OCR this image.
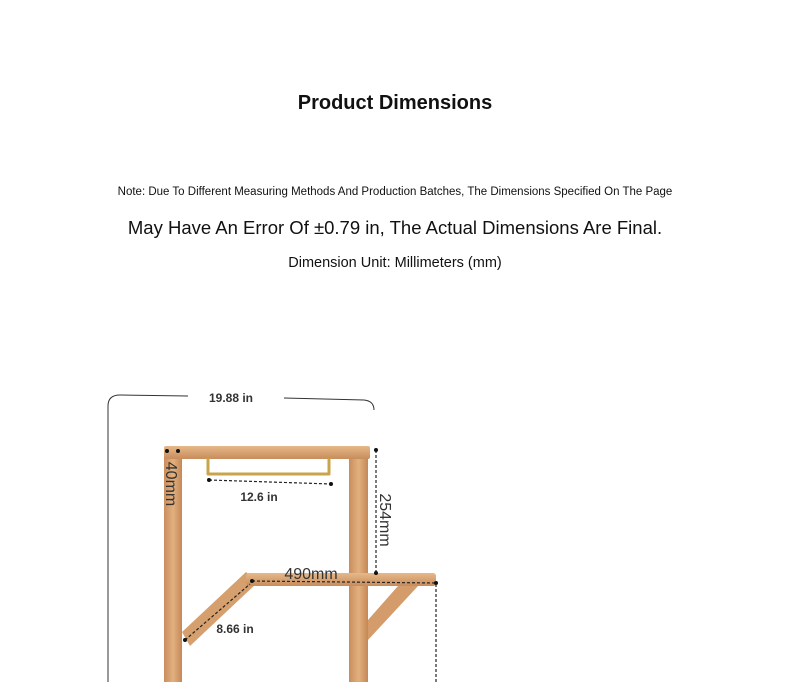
Product Dimensions
Note: Due To Different Measuring Methods And Production Batches, The Dimensions Specified On The Page
May Have An Error Of ±0.79 in, The Actual Dimensions Are Final.
Dimension Unit: Millimeters (mm)
19.88 in
12.6 in
490mm
8.66 in
254mm
40mm
